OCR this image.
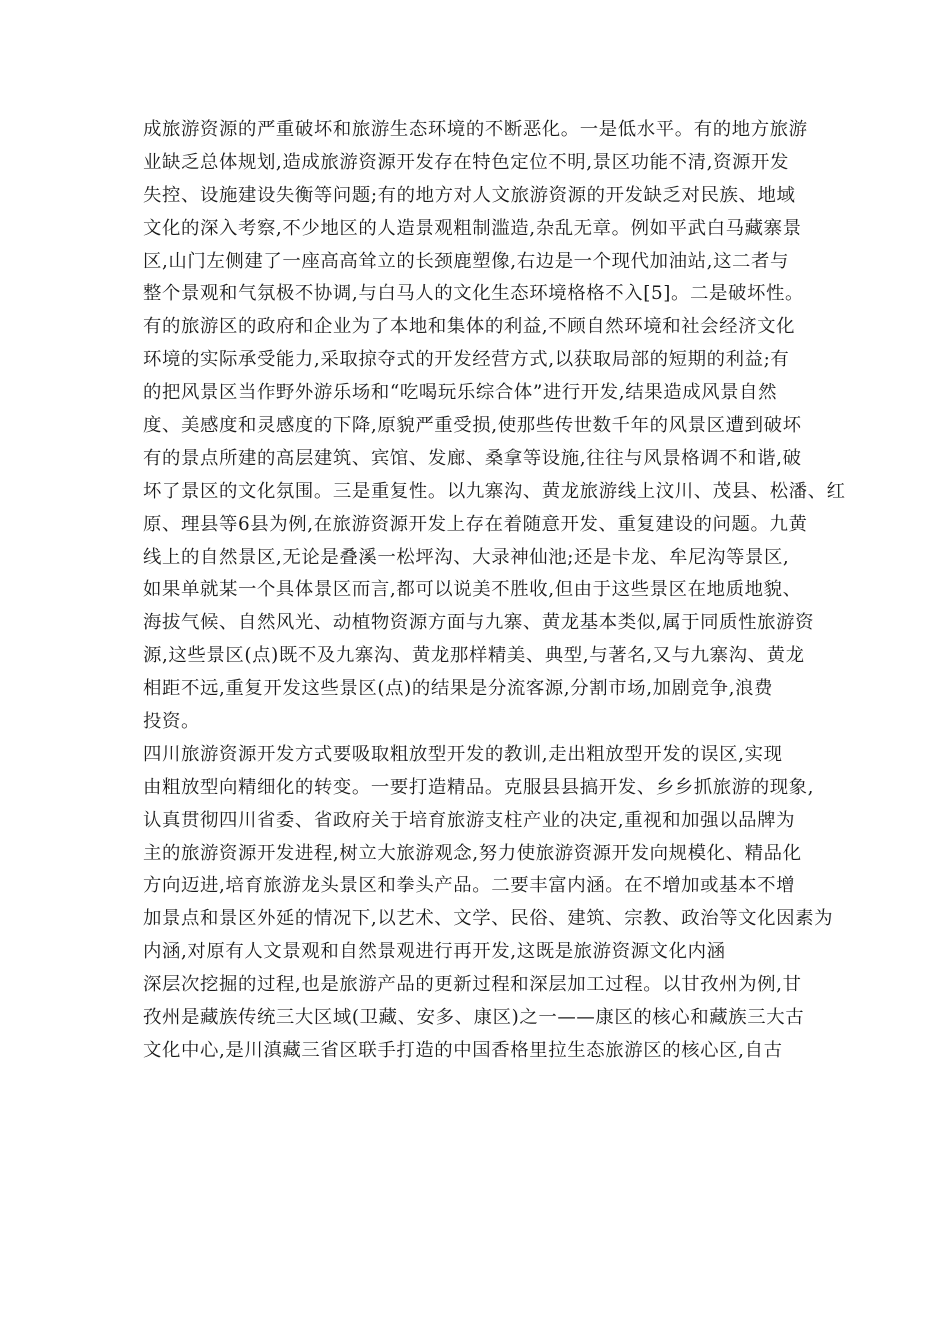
成旅游资源的严重破坏和旅游生态环境的不断恶化。一是低水平。有的地方旅游
业缺乏总体规划,造成旅游资源开发存在特色定位不明,景区功能不清,资源开发
失控、设施建设失衡等问题;有的地方对人文旅游资源的开发缺乏对民族、地域
文化的深入考察,不少地区的人造景观粗制滥造,杂乱无章。例如平武白马藏寨景
区,山门左侧建了一座高高耸立的长颈鹿塑像,右边是一个现代加油站,这二者与
整个景观和气氛极不协调,与白马人的文化生态环境格格不入[5]。二是破坏性。
有的旅游区的政府和企业为了本地和集体的利益,不顾自然环境和社会经济文化
环境的实际承受能力,采取掠夺式的开发经营方式,以获取局部的短期的利益;有
的把风景区当作野外游乐场和“吃喝玩乐综合体”进行开发,结果造成风景自然
度、美感度和灵感度的下降,原貌严重受损,使那些传世数千年的风景区遭到破坏
有的景点所建的高层建筑、宾馆、发廊、桑拿等设施,往往与风景格调不和谐,破
坏了景区的文化氛围。三是重复性。以九寨沟、黄龙旅游线上汶川、茂县、松潘、红
原、理县等6县为例,在旅游资源开发上存在着随意开发、重复建设的问题。九黄
线上的自然景区,无论是叠溪一松坪沟、大录神仙池;还是卡龙、牟尼沟等景区,
如果单就某一个具体景区而言,都可以说美不胜收,但由于这些景区在地质地貌、
海拔气候、自然风光、动植物资源方面与九寨、黄龙基本类似,属于同质性旅游资
源,这些景区(点)既不及九寨沟、黄龙那样精美、典型,与著名,又与九寨沟、黄龙
相距不远,重复开发这些景区(点)的结果是分流客源,分割市场,加剧竞争,浪费
投资。
四川旅游资源开发方式要吸取粗放型开发的教训,走出粗放型开发的误区,实现
由粗放型向精细化的转变。一要打造精品。克服县县搞开发、乡乡抓旅游的现象,
认真贯彻四川省委、省政府关于培育旅游支柱产业的决定,重视和加强以品牌为
主的旅游资源开发进程,树立大旅游观念,努力使旅游资源开发向规模化、精品化
方向迈进,培育旅游龙头景区和拳头产品。二要丰富内涵。在不增加或基本不增
加景点和景区外延的情况下,以艺术、文学、民俗、建筑、宗教、政治等文化因素为
内涵,对原有人文景观和自然景观进行再开发,这既是旅游资源文化内涵
深层次挖掘的过程,也是旅游产品的更新过程和深层加工过程。以甘孜州为例,甘
孜州是藏族传统三大区域(卫藏、安多、康区)之一——康区的核心和藏族三大古
文化中心,是川滇藏三省区联手打造的中国香格里拉生态旅游区的核心区,自古
